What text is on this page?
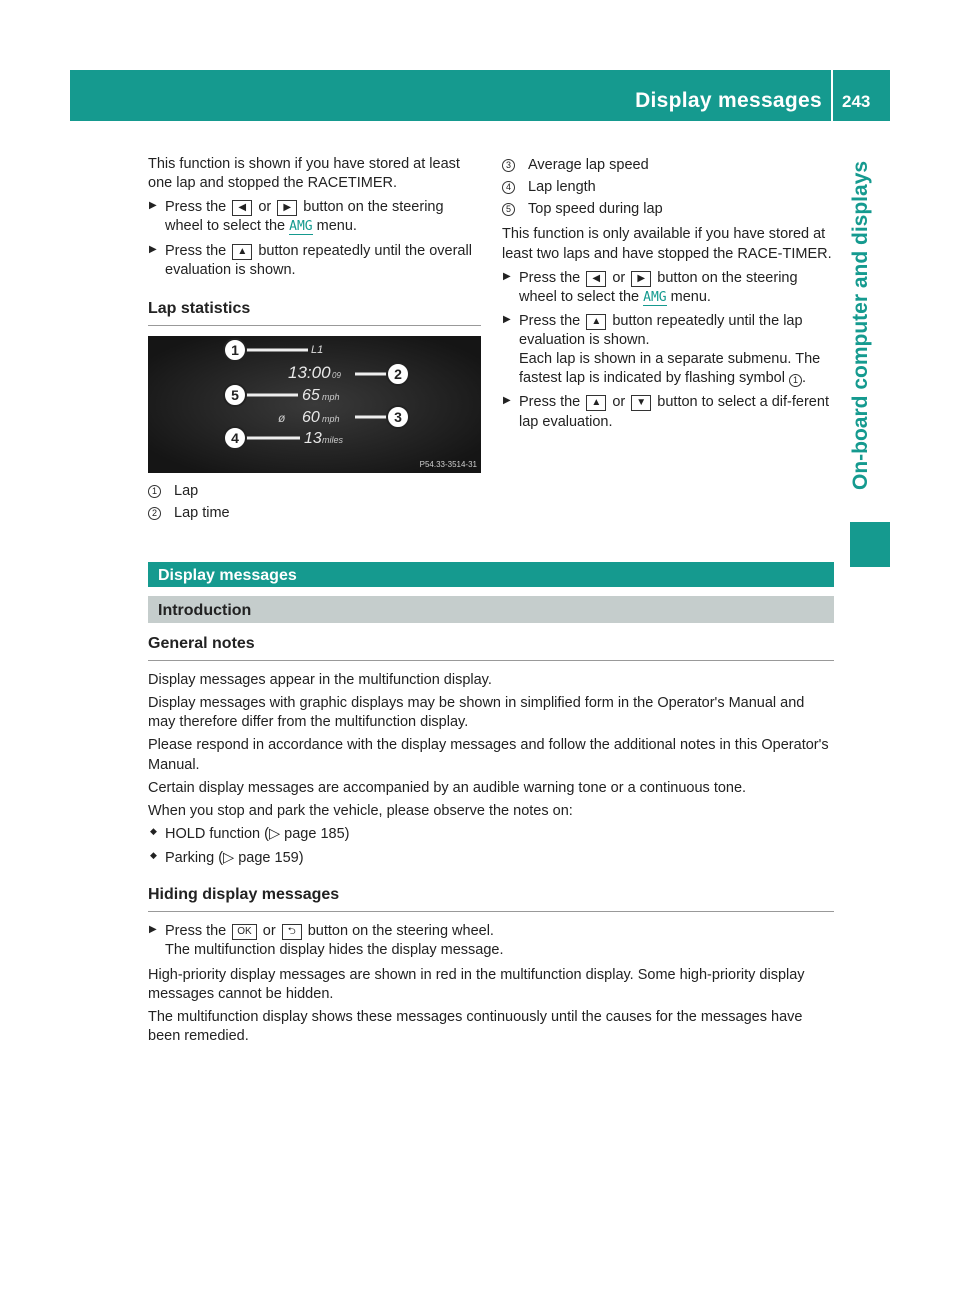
Display messages 243
On-board computer and displays

This function is shown if you have stored at least one lap and stopped the RACETIMER.

▶ Press the ◀ or ▶ button on the steering wheel to select the AMG menu.
▶ Press the ▲ button repeatedly until the overall evaluation is shown.
Lap statistics
1
2
5
3
4
L1
13:00 09
65 mph
ø 60 mph
13 miles
P54.33-3514-31
1 Lap
2 Lap time
3 Average lap speed
4 Lap length
5 Top speed during lap

This function is only available if you have stored at least two laps and have stopped the RACE-TIMER.

▶ Press the ◀ or ▶ button on the steering wheel to select the AMG menu.
▶ Press the ▲ button repeatedly until the lap evaluation is shown.
Each lap is shown in a separate submenu. The fastest lap is indicated by flashing symbol 1 .
▶ Press the ▲ or ▼ button to select a dif-ferent lap evaluation.
Display messages
Introduction
General notes

Display messages appear in the multifunction display.

Display messages with graphic displays may be shown in simplified form in the Operator's Manual and may therefore differ from the multifunction display.

Please respond in accordance with the display messages and follow the additional notes in this Operator's Manual.

Certain display messages are accompanied by an audible warning tone or a continuous tone.

When you stop and park the vehicle, please observe the notes on:

◆ HOLD function (▷ page 185)
◆ Parking (▷ page 159)
Hiding display messages
▶ Press the OK or ⮌ button on the steering wheel.
The multifunction display hides the display message.

High-priority display messages are shown in red in the multifunction display. Some high-priority display messages cannot be hidden.

The multifunction display shows these messages continuously until the causes for the messages have been remedied.
